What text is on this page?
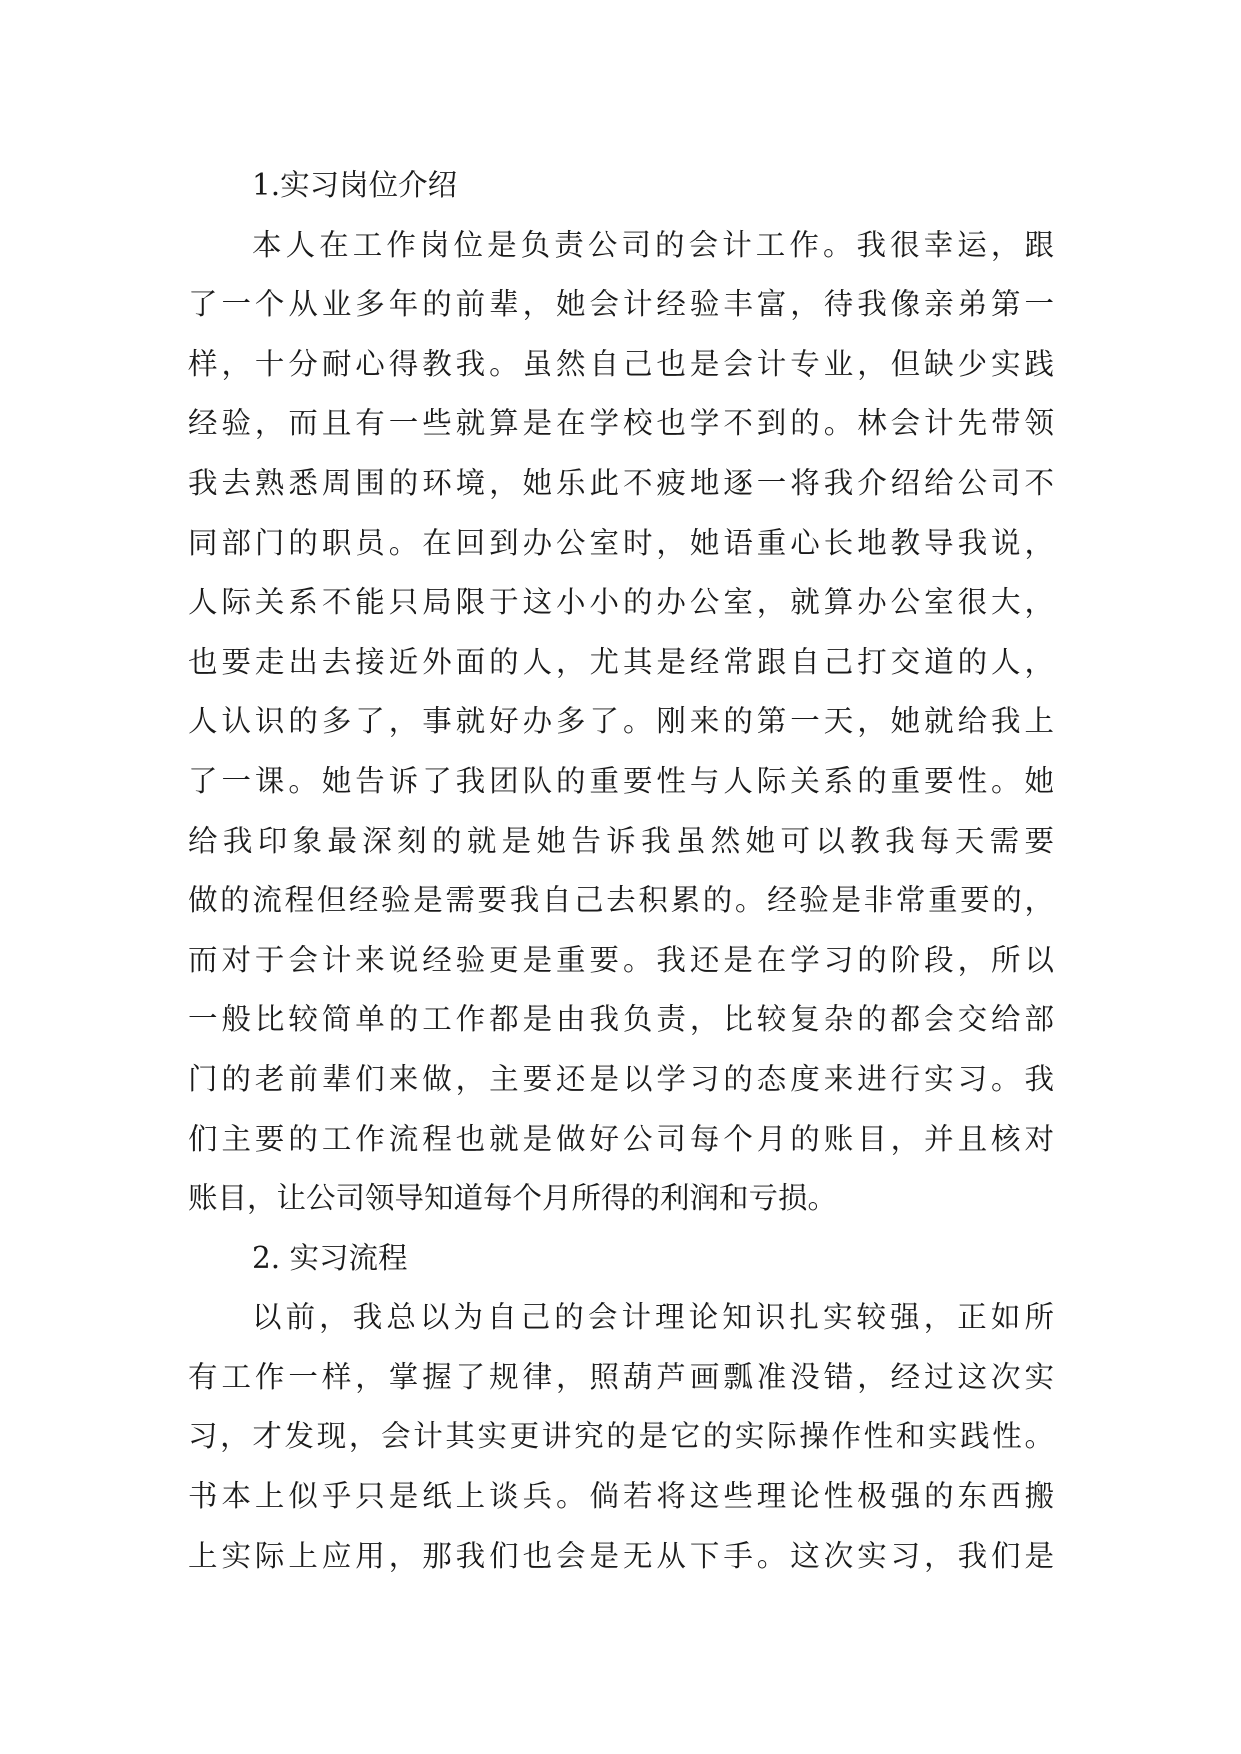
1.实习岗位介绍
本人在工作岗位是负责公司的会计工作。我很幸运，跟
了一个从业多年的前辈，她会计经验丰富，待我像亲弟第一
样，十分耐心得教我。虽然自己也是会计专业，但缺少实践
经验，而且有一些就算是在学校也学不到的。林会计先带领
我去熟悉周围的环境，她乐此不疲地逐一将我介绍给公司不
同部门的职员。在回到办公室时，她语重心长地教导我说，
人际关系不能只局限于这小小的办公室，就算办公室很大，
也要走出去接近外面的人，尤其是经常跟自己打交道的人，
人认识的多了，事就好办多了。刚来的第一天，她就给我上
了一课。她告诉了我团队的重要性与人际关系的重要性。她
给我印象最深刻的就是她告诉我虽然她可以教我每天需要
做的流程但经验是需要我自己去积累的。经验是非常重要的，
而对于会计来说经验更是重要。我还是在学习的阶段，所以
一般比较简单的工作都是由我负责，比较复杂的都会交给部
门的老前辈们来做，主要还是以学习的态度来进行实习。我
们主要的工作流程也就是做好公司每个月的账目，并且核对
账目，让公司领导知道每个月所得的利润和亏损。
2. 实习流程
以前，我总以为自己的会计理论知识扎实较强，正如所
有工作一样，掌握了规律，照葫芦画瓢准没错，经过这次实
习，才发现，会计其实更讲究的是它的实际操作性和实践性。
书本上似乎只是纸上谈兵。倘若将这些理论性极强的东西搬
上实际上应用，那我们也会是无从下手。这次实习，我们是
